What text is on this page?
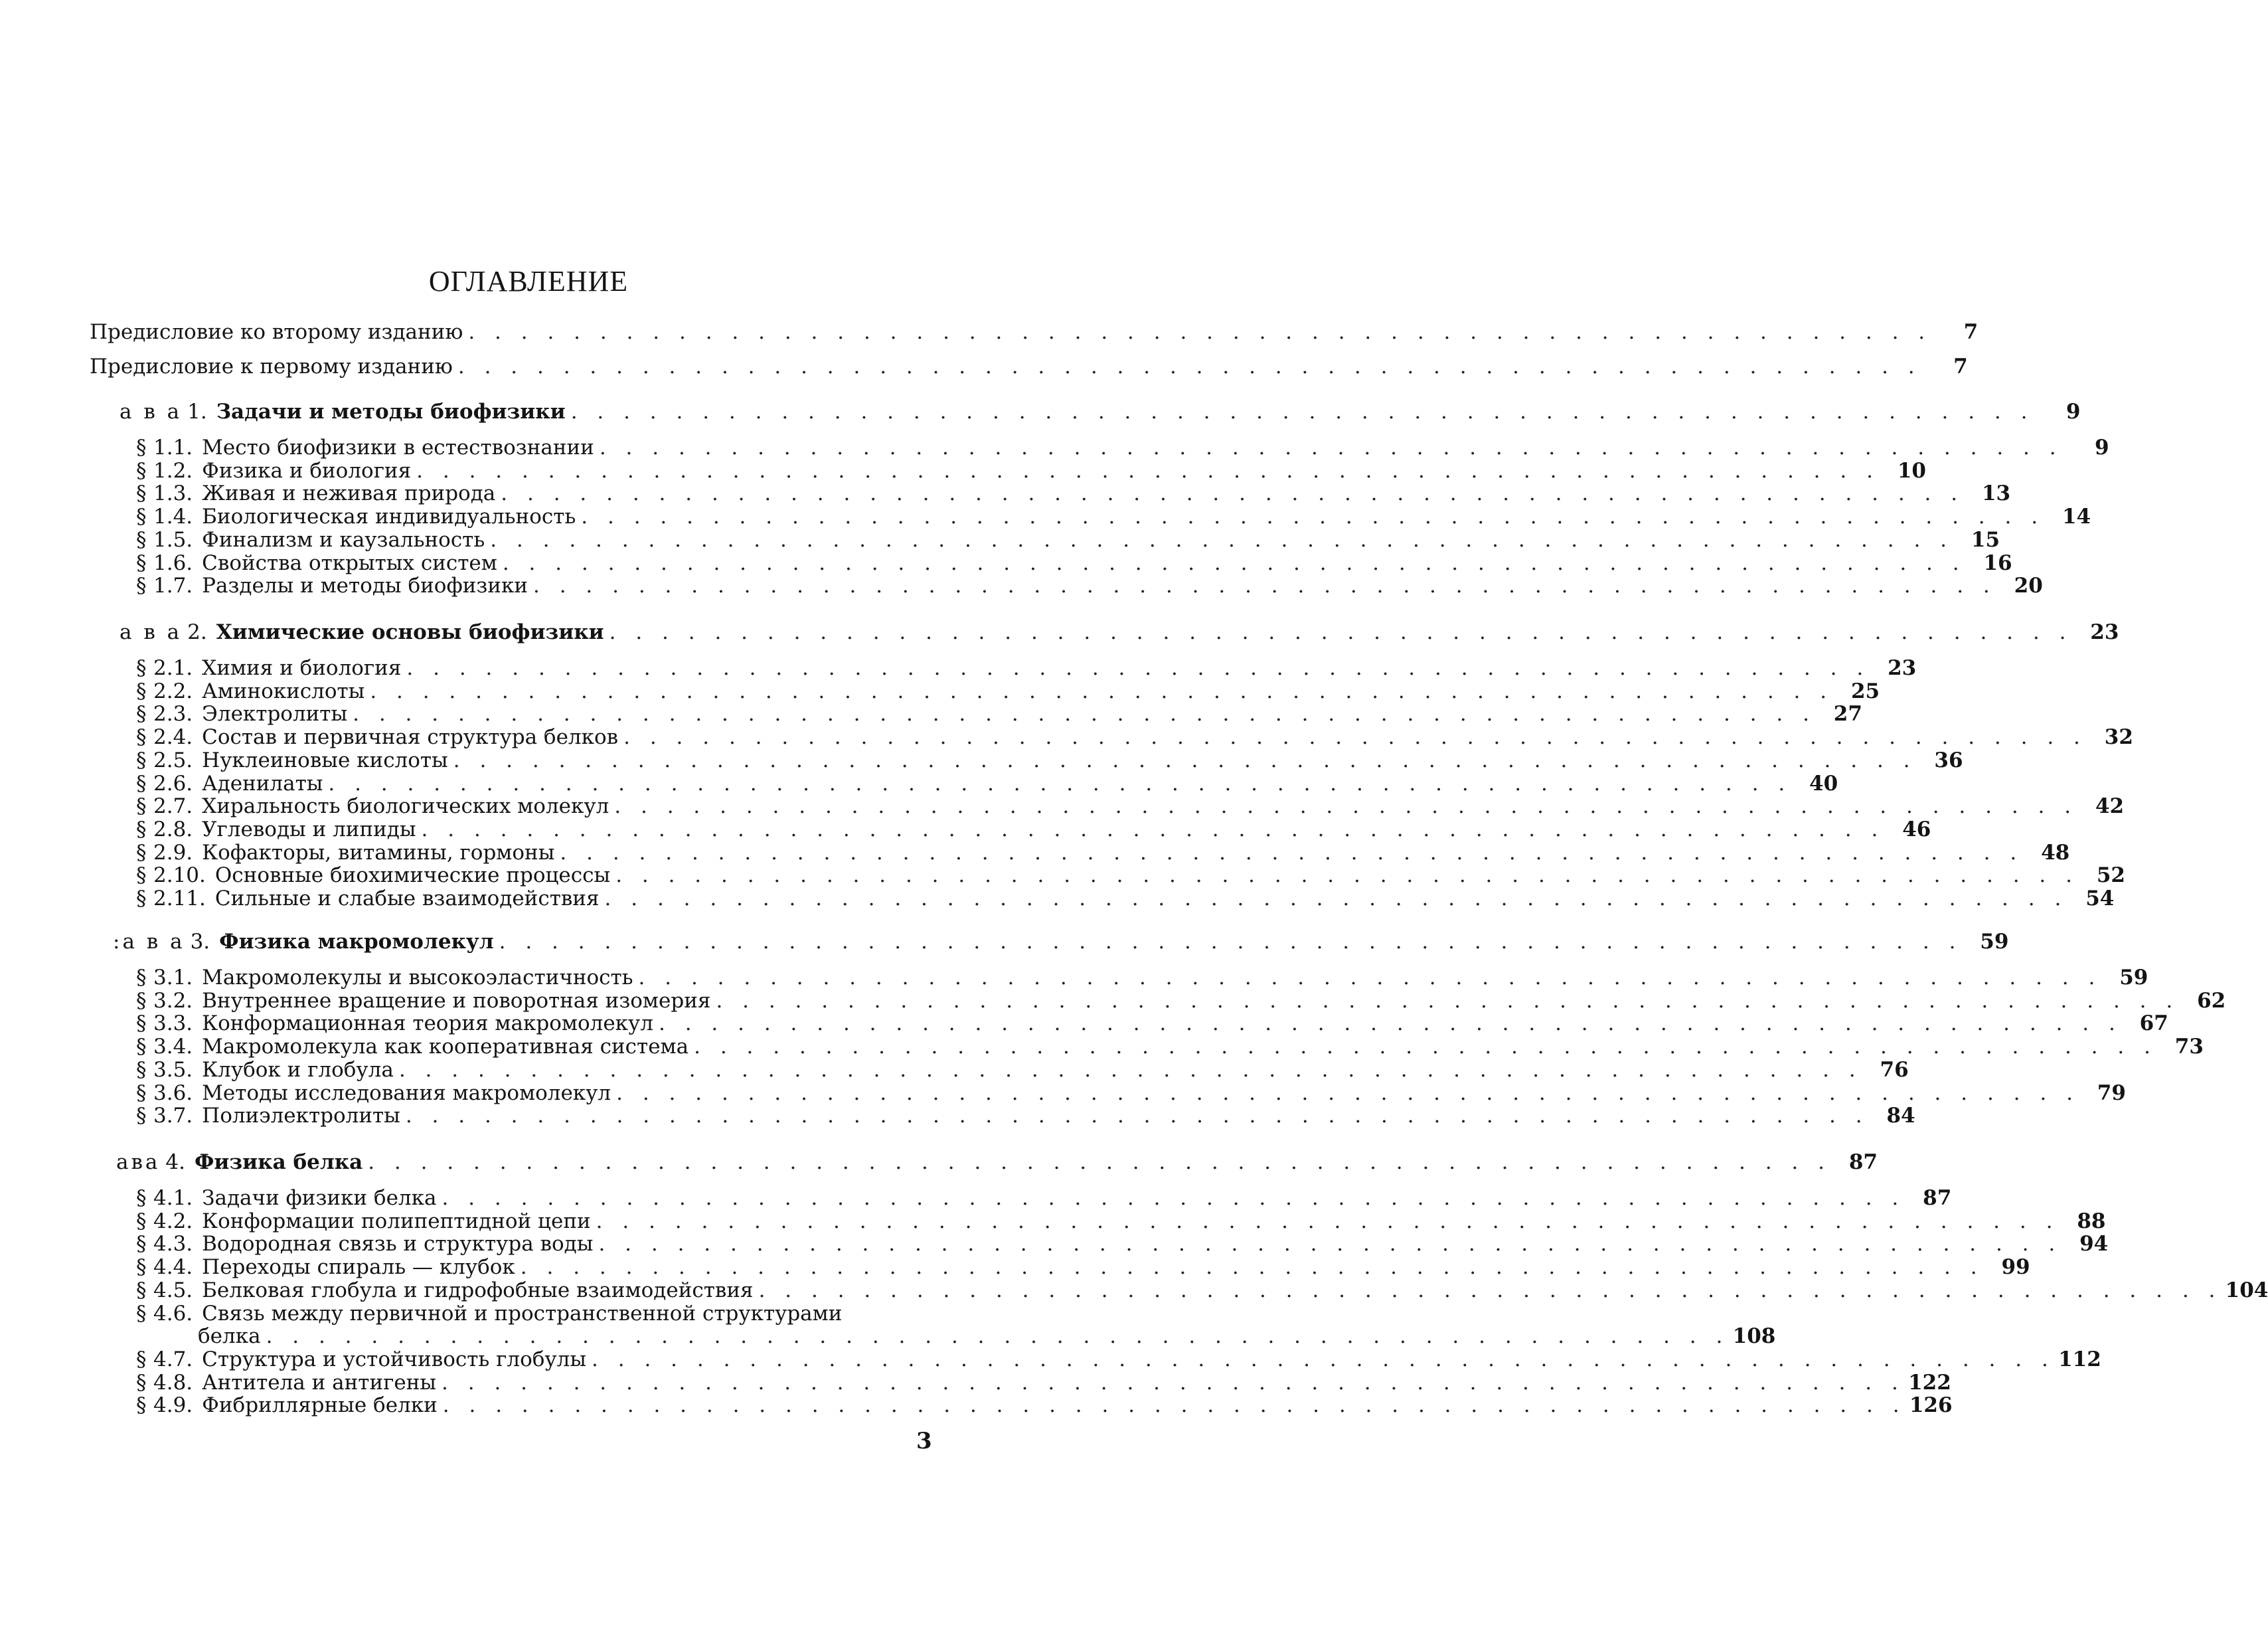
ОГЛАВЛЕНИЕ
Предисловие ко второму изданию . . . . . . . . . . . . . . . . . . . . . . . . . . . . . . . . . . . . . . . . . . . . . . . . . . . . . . . .	7
Предисловие к первому изданию . . . . . . . . . . . . . . . . . . . . . . . . . . . . . . . . . . . . . . . . . . . . . . . . . . . . . . . .	7
а в а 1. Задачи и методы биофизики . . . . . . . . . . . . . . . . . . . . . . . . . . . . . . . . . . . . . . . . . . . . . . . . . . . . . . . .	9
§ 1.1. Место биофизики в естествознании . . . . . . . . . . . . . . . . . . . . . . . . . . . . . . . . . . . . . . . . . . . . . . . . . . . . . . . .	9
§ 1.2. Физика и биология . . . . . . . . . . . . . . . . . . . . . . . . . . . . . . . . . . . . . . . . . . . . . . . . . . . . . . . . 10
§ 1.3. Живая и неживая природа . . . . . . . . . . . . . . . . . . . . . . . . . . . . . . . . . . . . . . . . . . . . . . . . . . . . . . . . 13
§ 1.4. Биологическая индивидуальность . . . . . . . . . . . . . . . . . . . . . . . . . . . . . . . . . . . . . . . . . . . . . . . . . . . . . . . . 14
§ 1.5. Финализм и каузальность . . . . . . . . . . . . . . . . . . . . . . . . . . . . . . . . . . . . . . . . . . . . . . . . . . . . . . . . 15
§ 1.6. Свойства открытых систем . . . . . . . . . . . . . . . . . . . . . . . . . . . . . . . . . . . . . . . . . . . . . . . . . . . . . . . . 16
§ 1.7. Разделы и методы биофизики . . . . . . . . . . . . . . . . . . . . . . . . . . . . . . . . . . . . . . . . . . . . . . . . . . . . . . . . 20
а в а 2. Химические основы биофизики . . . . . . . . . . . . . . . . . . . . . . . . . . . . . . . . . . . . . . . . . . . . . . . . . . . . . . . . 23
§ 2.1. Химия и биология . . . . . . . . . . . . . . . . . . . . . . . . . . . . . . . . . . . . . . . . . . . . . . . . . . . . . . . . 23
§ 2.2. Аминокислоты . . . . . . . . . . . . . . . . . . . . . . . . . . . . . . . . . . . . . . . . . . . . . . . . . . . . . . . . 25
§ 2.3. Электролиты . . . . . . . . . . . . . . . . . . . . . . . . . . . . . . . . . . . . . . . . . . . . . . . . . . . . . . . . 27
§ 2.4. Состав и первичная структура белков . . . . . . . . . . . . . . . . . . . . . . . . . . . . . . . . . . . . . . . . . . . . . . . . . . . . . . . . 32
§ 2.5. Нуклеиновые кислоты . . . . . . . . . . . . . . . . . . . . . . . . . . . . . . . . . . . . . . . . . . . . . . . . . . . . . . . . 36
§ 2.6. Аденилаты . . . . . . . . . . . . . . . . . . . . . . . . . . . . . . . . . . . . . . . . . . . . . . . . . . . . . . . . 40
§ 2.7. Хиральность биологических молекул . . . . . . . . . . . . . . . . . . . . . . . . . . . . . . . . . . . . . . . . . . . . . . . . . . . . . . . . 42
§ 2.8. Углеводы и липиды . . . . . . . . . . . . . . . . . . . . . . . . . . . . . . . . . . . . . . . . . . . . . . . . . . . . . . . . 46
§ 2.9. Кофакторы, витамины, гормоны . . . . . . . . . . . . . . . . . . . . . . . . . . . . . . . . . . . . . . . . . . . . . . . . . . . . . . . . 48
§ 2.10. Основные биохимические процессы . . . . . . . . . . . . . . . . . . . . . . . . . . . . . . . . . . . . . . . . . . . . . . . . . . . . . . . . 52
§ 2.11. Сильные и слабые взаимодействия . . . . . . . . . . . . . . . . . . . . . . . . . . . . . . . . . . . . . . . . . . . . . . . . . . . . . . . . 54
:а в а 3. Физика макромолекул . . . . . . . . . . . . . . . . . . . . . . . . . . . . . . . . . . . . . . . . . . . . . . . . . . . . . . . . 59
§ 3.1. Макромолекулы и высокоэластичность . . . . . . . . . . . . . . . . . . . . . . . . . . . . . . . . . . . . . . . . . . . . . . . . . . . . . . . . 59
§ 3.2. Внутреннее вращение и поворотная изомерия . . . . . . . . . . . . . . . . . . . . . . . . . . . . . . . . . . . . . . . . . . . . . . . . . . . . . . . . 62
§ 3.3. Конформационная теория макромолекул . . . . . . . . . . . . . . . . . . . . . . . . . . . . . . . . . . . . . . . . . . . . . . . . . . . . . . . . 67
§ 3.4. Макромолекула как кооперативная система . . . . . . . . . . . . . . . . . . . . . . . . . . . . . . . . . . . . . . . . . . . . . . . . . . . . . . . . 73
§ 3.5. Клубок и глобула . . . . . . . . . . . . . . . . . . . . . . . . . . . . . . . . . . . . . . . . . . . . . . . . . . . . . . . . 76
§ 3.6. Методы исследования макромолекул . . . . . . . . . . . . . . . . . . . . . . . . . . . . . . . . . . . . . . . . . . . . . . . . . . . . . . . . 79
§ 3.7. Полиэлектролиты . . . . . . . . . . . . . . . . . . . . . . . . . . . . . . . . . . . . . . . . . . . . . . . . . . . . . . . . 84
ава 4. Физика белка . . . . . . . . . . . . . . . . . . . . . . . . . . . . . . . . . . . . . . . . . . . . . . . . . . . . . . . . 87
§ 4.1. Задачи физики белка . . . . . . . . . . . . . . . . . . . . . . . . . . . . . . . . . . . . . . . . . . . . . . . . . . . . . . . . 87
§ 4.2. Конформации полипептидной цепи . . . . . . . . . . . . . . . . . . . . . . . . . . . . . . . . . . . . . . . . . . . . . . . . . . . . . . . . 88
§ 4.3. Водородная связь и структура воды . . . . . . . . . . . . . . . . . . . . . . . . . . . . . . . . . . . . . . . . . . . . . . . . . . . . . . . . 94
§ 4.4. Переходы спираль — клубок . . . . . . . . . . . . . . . . . . . . . . . . . . . . . . . . . . . . . . . . . . . . . . . . . . . . . . . . 99
§ 4.5. Белковая глобула и гидрофобные взаимодействия . . . . . . . . . . . . . . . . . . . . . . . . . . . . . . . . . . . . . . . . . . . . . . . . . . . . . . . . 104
§ 4.6. Связь между первичной и пространственной структурами
белка . . . . . . . . . . . . . . . . . . . . . . . . . . . . . . . . . . . . . . . . . . . . . . . . . . . . . . . . 108
§ 4.7. Структура и устойчивость глобулы . . . . . . . . . . . . . . . . . . . . . . . . . . . . . . . . . . . . . . . . . . . . . . . . . . . . . . . . 112
§ 4.8. Антитела и антигены . . . . . . . . . . . . . . . . . . . . . . . . . . . . . . . . . . . . . . . . . . . . . . . . . . . . . . . . 122
§ 4.9. Фибриллярные белки . . . . . . . . . . . . . . . . . . . . . . . . . . . . . . . . . . . . . . . . . . . . . . . . . . . . . . . . 126
3
